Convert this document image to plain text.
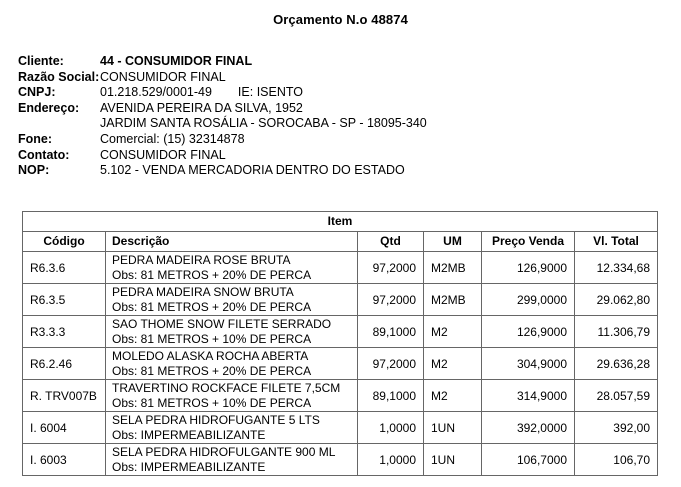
Orçamento N.o 48874
Cliente:	44 - CONSUMIDOR FINAL
Razão Social: CONSUMIDOR FINAL
CNPJ:	01.218.529/0001-49 IE: ISENTO
Endereço:	AVENIDA PEREIRA DA SILVA, 1952
JARDIM SANTA ROSÁLIA - SOROCABA - SP - 18095-340
Fone:	Comercial: (15) 32314878
Contato:	CONSUMIDOR FINAL
NOP:	5.102 - VENDA MERCADORIA DENTRO DO ESTADO
Item					
Código	Descrição	Qtd	UM	Preço Venda	Vl. Total
R6.3.6	PEDRA MADEIRA ROSE BRUTA
Obs: 81 METROS + 20% DE PERCA	97,2000	M2MB	126,9000	12.334,68
R6.3.5	PEDRA MADEIRA SNOW BRUTA
Obs: 81 METROS + 20% DE PERCA	97,2000	M2MB	299,0000	29.062,80
R3.3.3	SAO THOME SNOW FILETE SERRADO
Obs: 81 METROS + 10% DE PERCA	89,1000	M2	126,9000	11.306,79
R6.2.46	MOLEDO ALASKA ROCHA ABERTA
Obs: 81 METROS + 20% DE PERCA	97,2000	M2	304,9000	29.636,28
R. TRV007B	TRAVERTINO ROCKFACE FILETE 7,5CM
Obs: 81 METROS + 10% DE PERCA	89,1000	M2	314,9000	28.057,59
I. 6004	SELA PEDRA HIDROFUGANTE 5 LTS
Obs: IMPERMEABILIZANTE	1,0000	1UN	392,0000	392,00
I. 6003	SELA PEDRA HIDROFULGANTE 900 ML
Obs: IMPERMEABILIZANTE	1,0000	1UN	106,7000	106,70
